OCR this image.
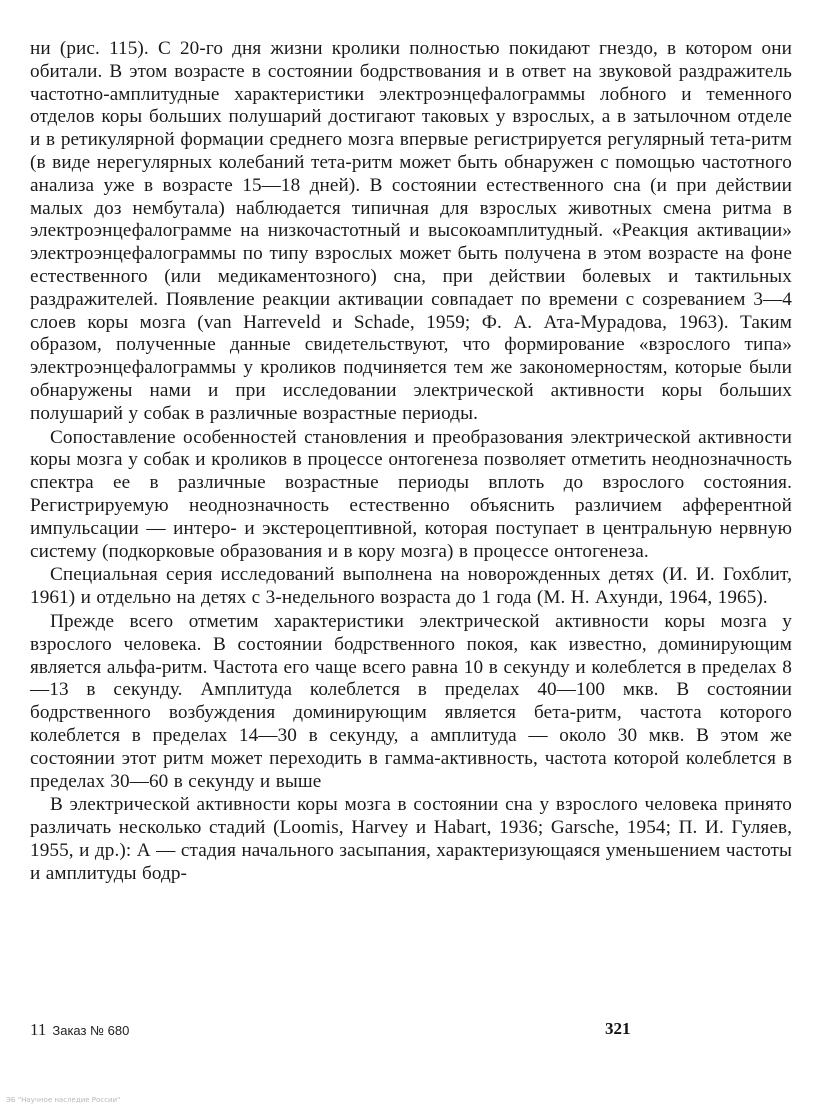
ни (рис. 115). С 20-го дня жизни кролики полностью покидают гнездо, в котором они обитали. В этом возрасте в состоянии бодрствования и в ответ на звуковой раздражитель частотно-амплитудные характеристики электроэнцефалограммы лобного и теменного отделов коры больших полушарий достигают таковых у взрослых, а в затылочном отделе и в ретикулярной формации среднего мозга впервые регистрируется регулярный тета-ритм (в виде нерегулярных колебаний тета-ритм может быть обнаружен с помощью частотного анализа уже в возрасте 15—18 дней). В состоянии естественного сна (и при действии малых доз нембутала) наблюдается типичная для взрослых животных смена ритма в электроэнцефалограмме на низкочастотный и высокоамплитудный. «Реакция активации» электроэнцефалограммы по типу взрослых может быть получена в этом возрасте на фоне естественного (или медикаментозного) сна, при действии болевых и тактильных раздражителей. Появление реакции активации совпадает по времени с созреванием 3—4 слоев коры мозга (van Harreveld и Schade, 1959; Ф. А. Ата-Мурадова, 1963). Таким образом, полученные данные свидетельствуют, что формирование «взрослого типа» электроэнцефалограммы у кроликов подчиняется тем же закономерностям, которые были обнаружены нами и при исследовании электрической активности коры больших полушарий у собак в различные возрастные периоды.

Сопоставление особенностей становления и преобразования электрической активности коры мозга у собак и кроликов в процессе онтогенеза позволяет отметить неоднозначность спектра ее в различные возрастные периоды вплоть до взрослого состояния. Регистрируемую неоднозначность естественно объяснить различием афферентной импульсации — интеро- и экстероцептивной, которая поступает в центральную нервную систему (подкорковые образования и в кору мозга) в процессе онтогенеза.

Специальная серия исследований выполнена на новорожденных детях (И. И. Гохблит, 1961) и отдельно на детях с 3-недельного возраста до 1 года (М. Н. Ахунди, 1964, 1965).

Прежде всего отметим характеристики электрической активности коры мозга у взрослого человека. В состоянии бодрственного покоя, как известно, доминирующим является альфа-ритм. Частота его чаще всего равна 10 в секунду и колеблется в пределах 8—13 в секунду. Амплитуда колеблется в пределах 40—100 мкв. В состоянии бодрственного возбуждения доминирующим является бета-ритм, частота которого колеблется в пределах 14—30 в секунду, а амплитуда — около 30 мкв. В этом же состоянии этот ритм может переходить в гамма-активность, частота которой колеблется в пределах 30—60 в секунду и выше

В электрической активности коры мозга в состоянии сна у взрослого человека принято различать несколько стадий (Loomis, Harvey и Habart, 1936; Garsche, 1954; П. И. Гуляев, 1955, и др.): А — стадия начального засыпания, характеризующаяся уменьшением частоты и амплитуды бодр-

11 Заказ № 680	321
ЭБ "Научное наследие России"
